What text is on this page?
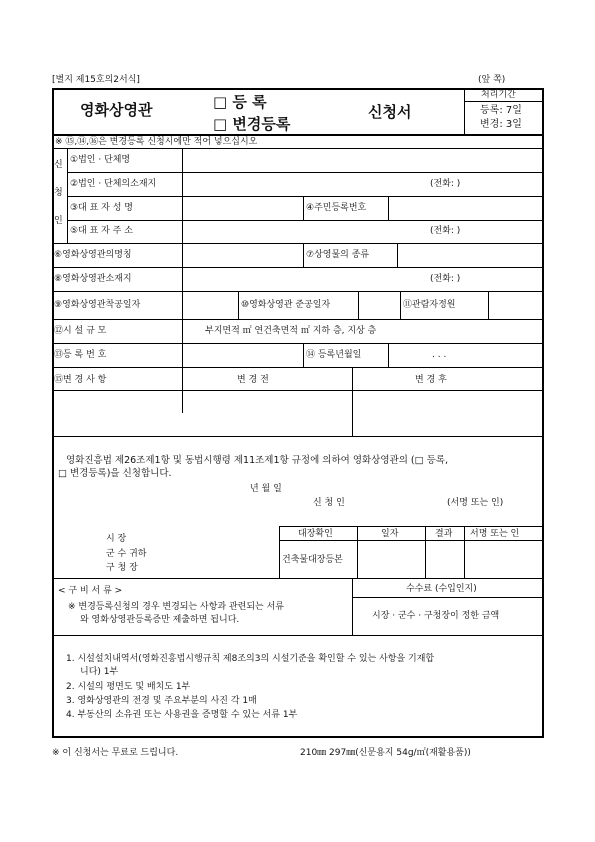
[별지 제15호의2서식]	(앞 쪽)
영화상영관	□ 등 록
□ 변경등록
신청서
처리기간
등록: 7일
변경: 3일
※ ⑮,⑭,⑯은 변경등록 신청시에만 적어 넣으십시오
신
청
인
①법인 · 단체명
②법인 · 단체의소재지	(전화: )
③대 표 자 성 명	④주민등록번호
⑤대 표 자 주 소	(전화: )
⑥영화상영관의명칭	⑦상영물의 종류
⑧영화상영관소재지	(전화: )
⑨영화상영관착공일자	⑩영화상영관 준공일자	⑪관람자정원
⑫시 설 규 모	부지면적 ㎡ 연건축면적 ㎡ 지하 층, 지상 층
⑬등 록 번 호	⑭ 등록년월일	. . .
⑮변 경 사 항	변 경 전	변 경 후
영화진흥법 제26조제1항 및 동법시행령 제11조제1항 규정에 의하여 영화상영관의 (□ 등록,
□ 변경등록)을 신청합니다.
년 월 일
신 청 인	(서명 또는 인)
시 장
군 수 귀하
구 청 장
대장확인	일자	결과 서명 또는 인
건축물대장등본
< 구 비 서 류 >
※ 변경등록신청의 경우 변경되는 사항과 관련되는 서류
와 영화상영관등록증만 제출하면 됩니다.
수수료 (수입인지)
시장 · 군수 · 구청장이 정한 금액
1. 시설설치내역서(영화진흥법시행규칙 제8조의3의 시설기준을 확인할 수 있는 사항을 기재합
니다) 1부
2. 시설의 평면도 및 배치도 1부
3. 영화상영관의 전경 및 주요부분의 사진 각 1매
4. 부동산의 소유권 또는 사용권을 증명할 수 있는 서류 1부
※ 이 신청서는 무료로 드립니다.	210㎜ 297㎜(신문용지 54g/㎡(재활용품))
